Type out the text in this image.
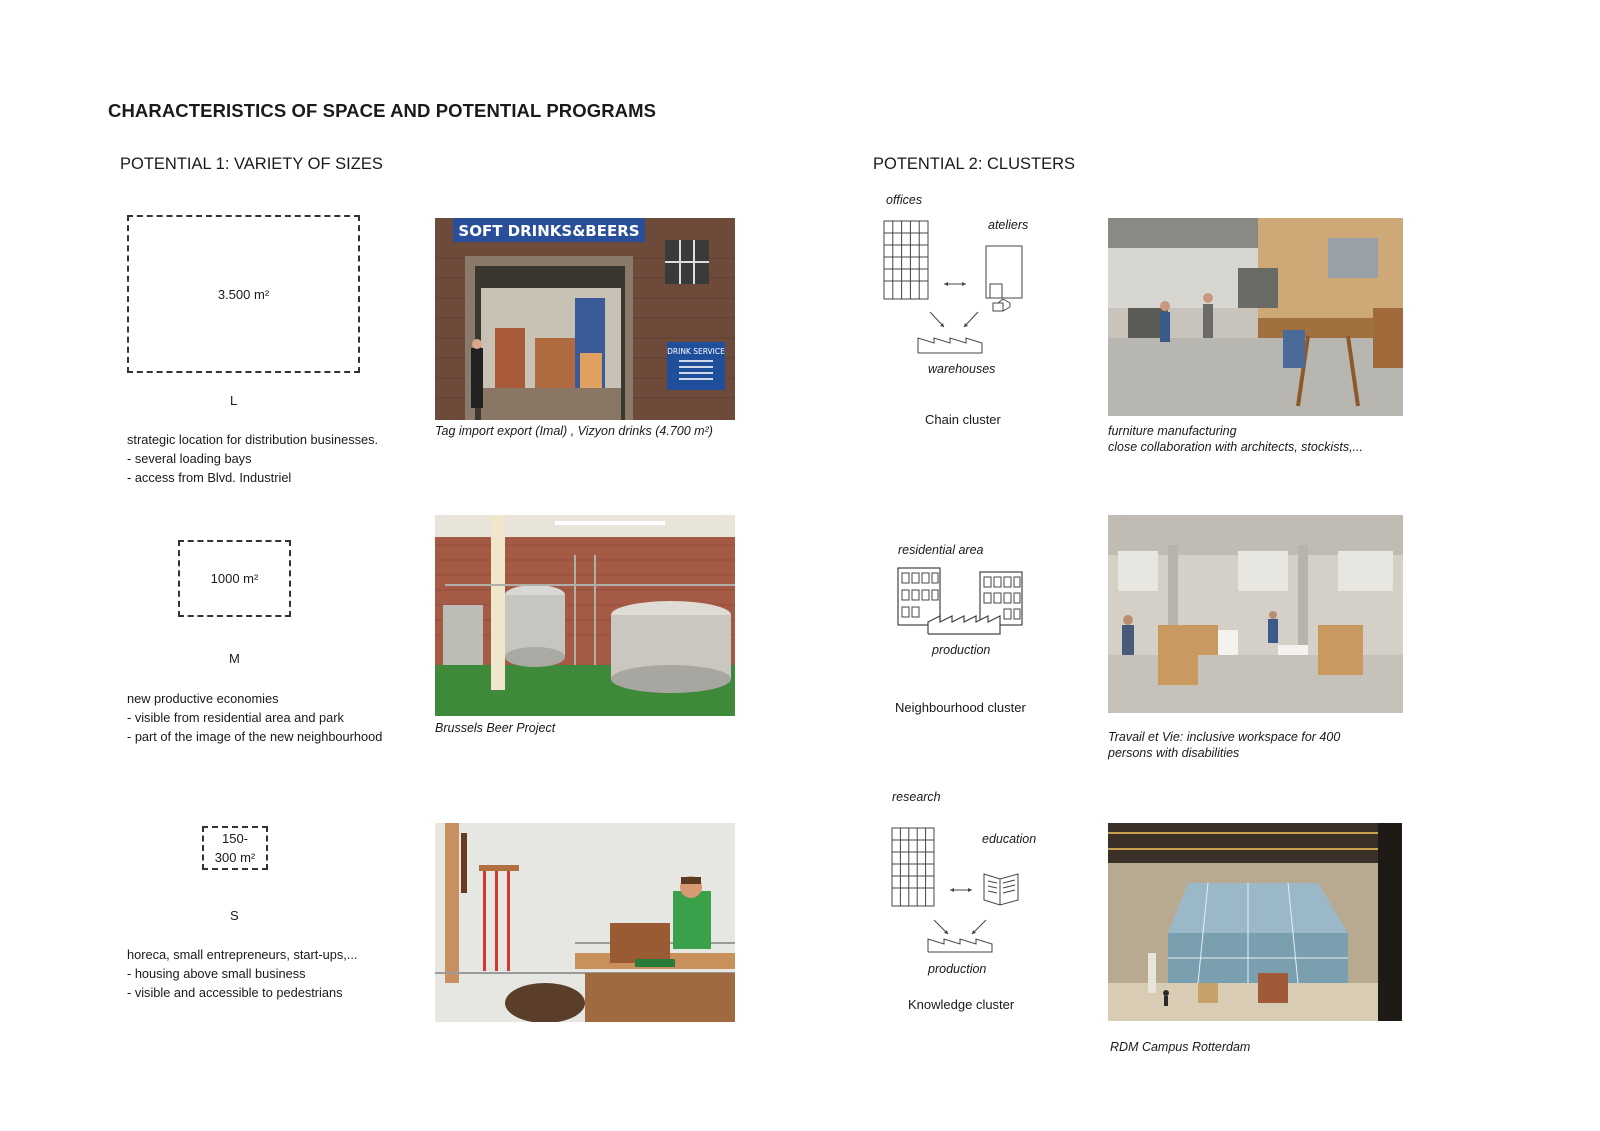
CHARACTERISTICS OF SPACE AND POTENTIAL PROGRAMS
POTENTIAL 1: VARIETY OF SIZES	POTENTIAL 2: CLUSTERS
3.500 m²
L
strategic location for distribution businesses.
- several loading bays
- access from Blvd. Industriel
SOFT DRINKS&BEERS
DRINK SERVICE
Tag import export (Imal) , Vizyon drinks (4.700 m²)
1000 m²
M
new productive economies
- visible from residential area and park
- part of the image of the new neighbourhood
Brussels Beer Project
150-
300 m²
S
horeca, small entrepreneurs, start-ups,...
- housing above small business
- visible and accessible to pedestrians
offices
ateliers
warehouses
Chain cluster
furniture manufacturing
close collaboration with architects, stockists,...
residential area
production
Neighbourhood cluster
Travail et Vie: inclusive workspace for 400
persons with disabilities
research
education
production
Knowledge cluster
RDM Campus Rotterdam
